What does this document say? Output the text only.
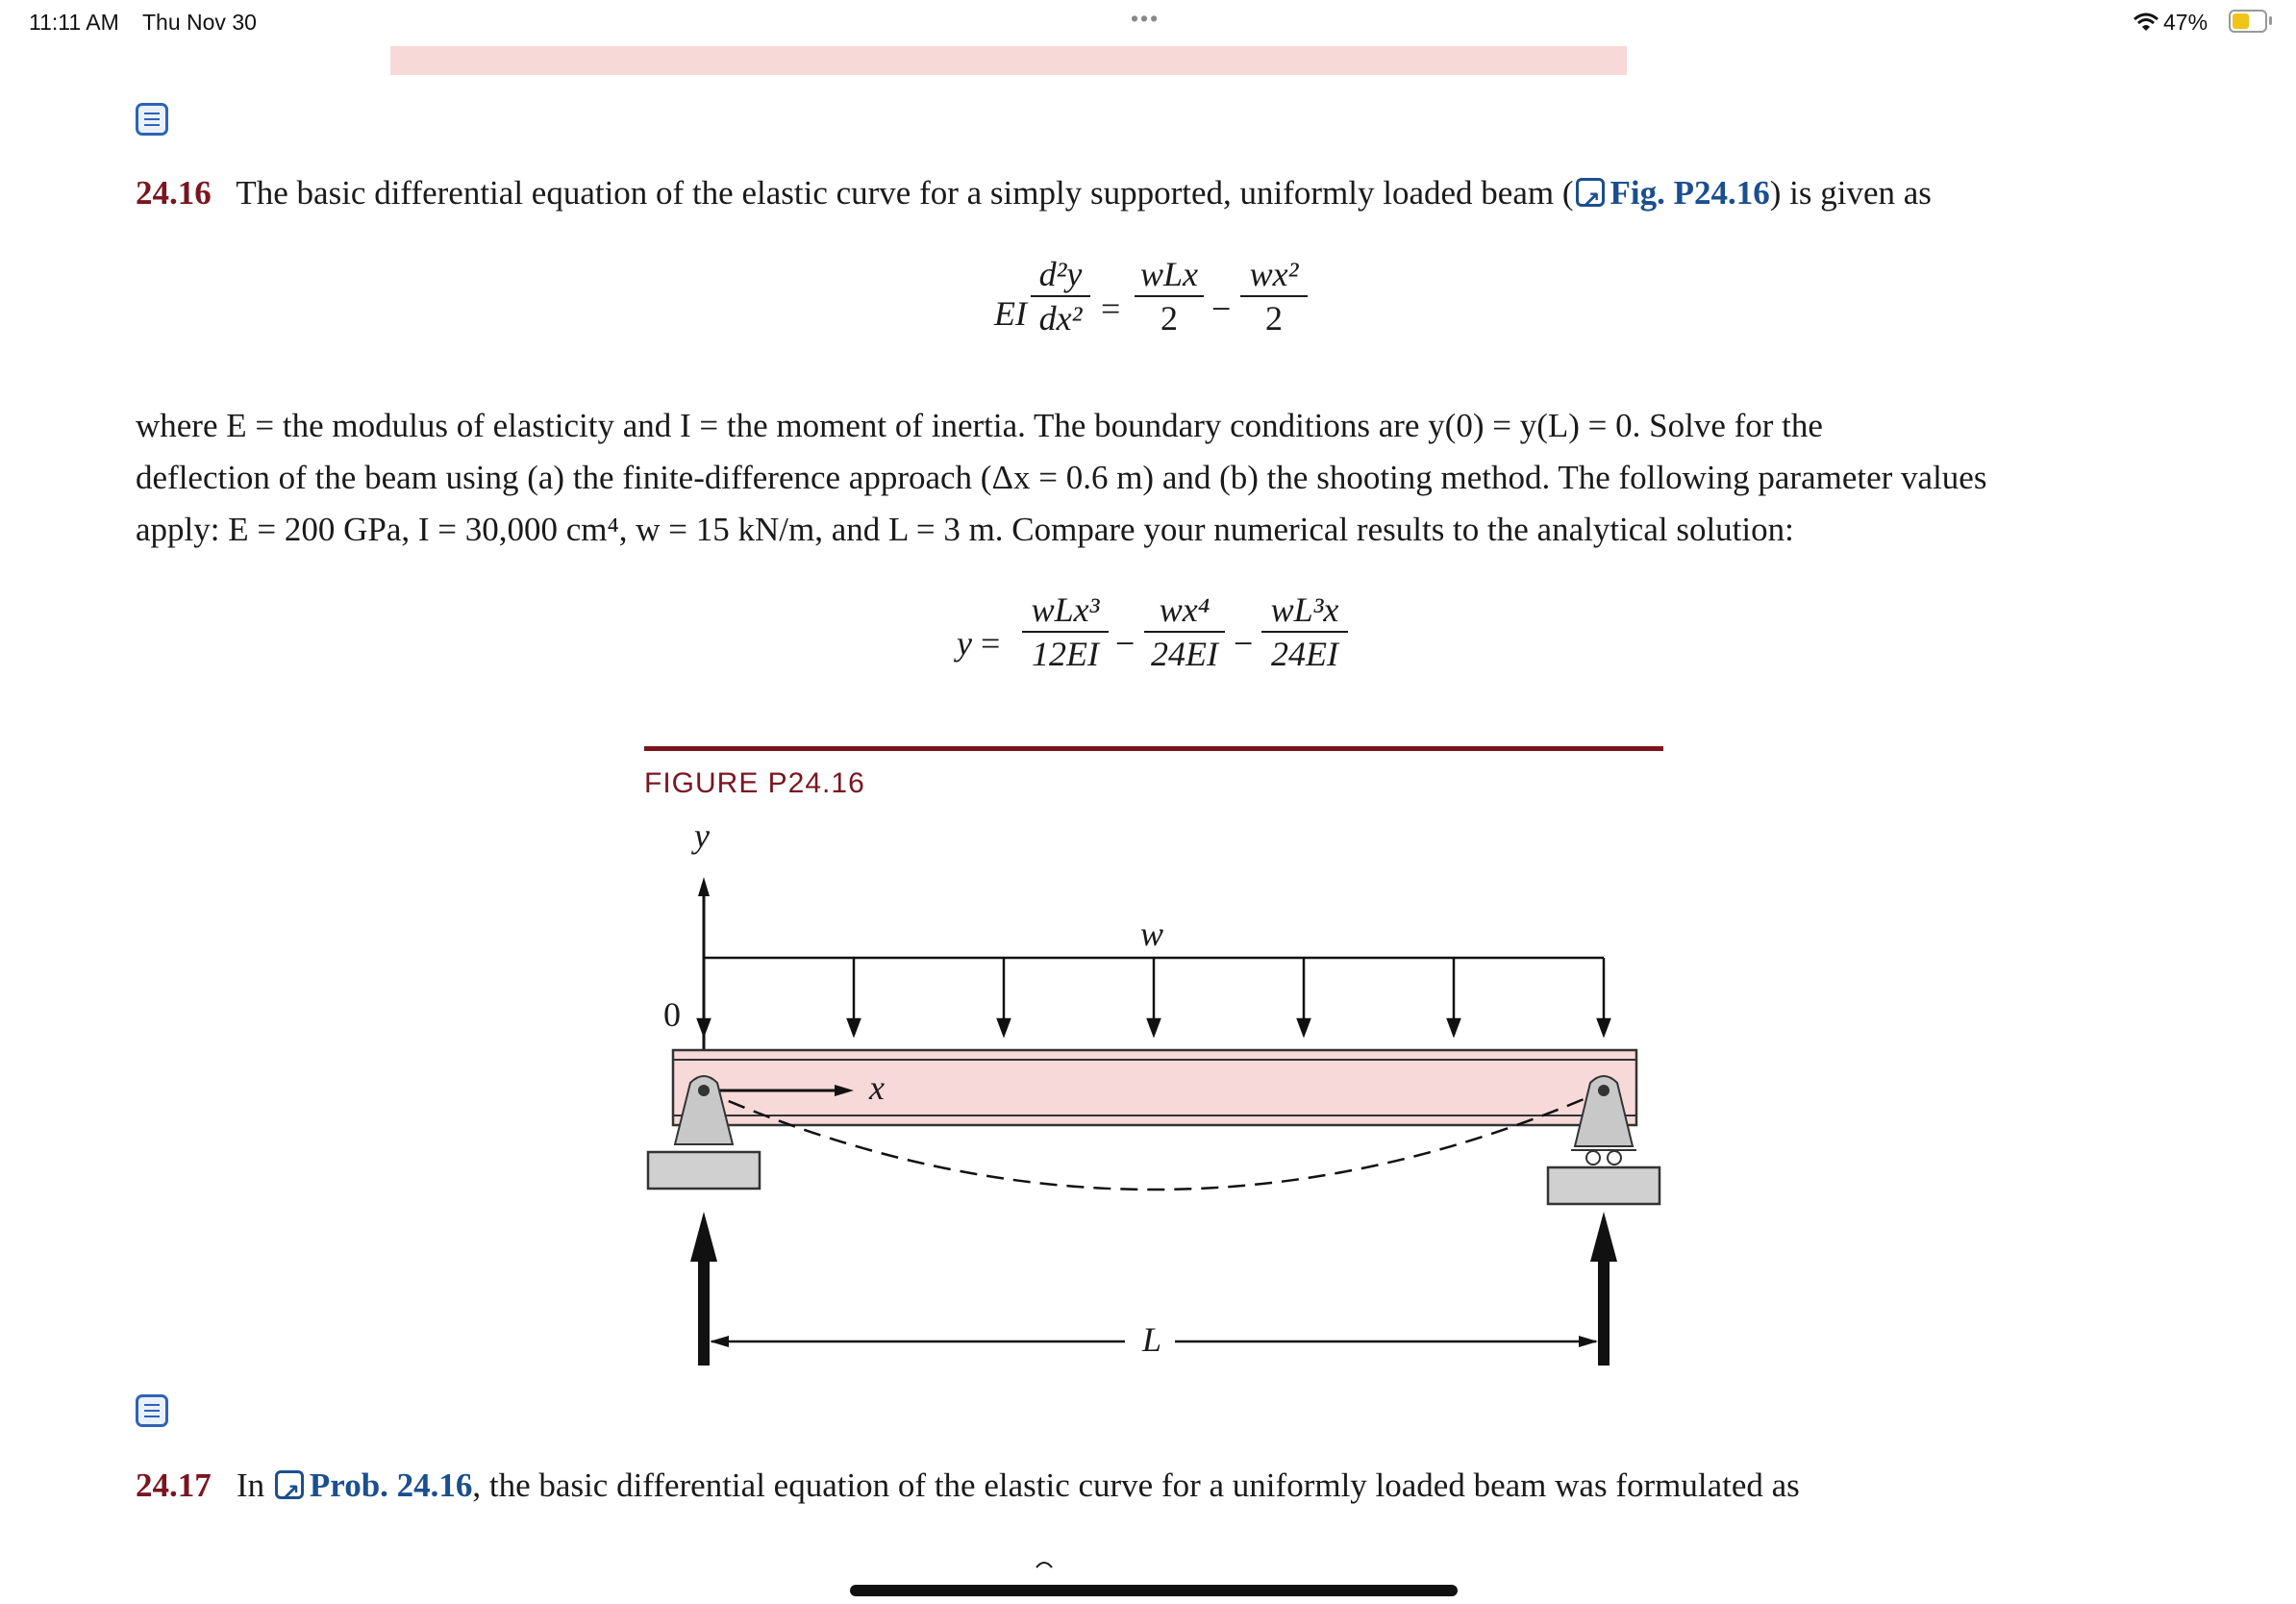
11:11 AM Thu Nov 30	•••	47%
24.16 The basic differential equation of the elastic curve for a simply supported, uniformly loaded beam ( ↗ Fig. P24.16) is given as
EI
d²y
dx² =
wLx
2 −
wx²
2
where E = the modulus of elasticity and I = the moment of inertia. The boundary conditions are y(0) = y(L) = 0. Solve for the
deflection of the beam using (a) the finite-difference approach (Δx = 0.6 m) and (b) the shooting method. The following parameter values
apply: E = 200 GPa, I = 30,000 cm⁴, w = 15 kN/m, and L = 3 m. Compare your numerical results to the analytical solution:
y =
wLx³
12EI −
wx⁴
24EI −
wL³x
24EI
FIGURE P24.16
y
0
x
w
L
24.17 In ↗ Prob. 24.16, the basic differential equation of the elastic curve for a uniformly loaded beam was formulated as
